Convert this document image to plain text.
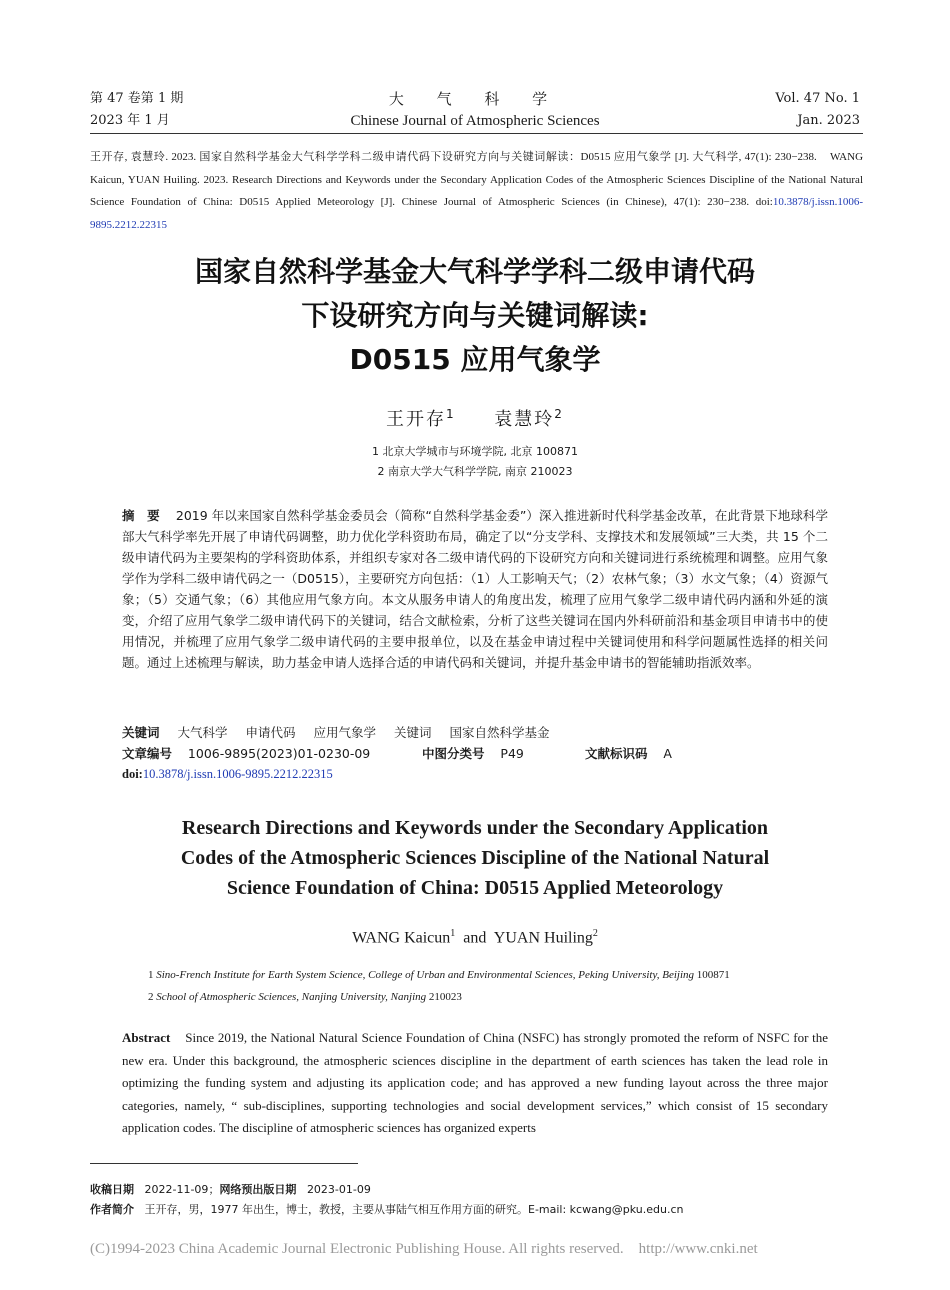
第 47 卷第 1 期
2023 年 1 月
大 气 科 学
Chinese Journal of Atmospheric Sciences
Vol. 47 No. 1
Jan. 2023
王开存, 袁慧玲. 2023. 国家自然科学基金大气科学学科二级申请代码下设研究方向与关键词解读：D0515 应用气象学 [J]. 大气科学, 47(1): 230−238. WANG Kaicun, YUAN Huiling. 2023. Research Directions and Keywords under the Secondary Application Codes of the Atmospheric Sciences Discipline of the National Natural Science Foundation of China: D0515 Applied Meteorology [J]. Chinese Journal of Atmospheric Sciences (in Chinese), 47(1): 230−238. doi:10.3878/j.issn.1006-9895.2212.22315
国家自然科学基金大气科学学科二级申请代码
下设研究方向与关键词解读:
D0515 应用气象学
王开存$^1$ 袁慧玲$^2$
1 北京大学城市与环境学院, 北京 100871
2 南京大学大气科学学院, 南京 210023
摘　要 2019 年以来国家自然科学基金委员会（简称“自然科学基金委”）深入推进新时代科学基金改革，在此背景下地球科学部大气科学率先开展了申请代码调整，助力优化学科资助布局，确定了以“分支学科、支撑技术和发展领域”三大类，共 15 个二级申请代码为主要架构的学科资助体系，并组织专家对各二级申请代码的下设研究方向和关键词进行系统梳理和调整。应用气象学作为学科二级申请代码之一（D0515），主要研究方向包括：（1）人工影响天气；（2）农林气象；（3）水文气象；（4）资源气象；（5）交通气象；（6）其他应用气象方向。本文从服务申请人的角度出发，梳理了应用气象学二级申请代码内涵和外延的演变，介绍了应用气象学二级申请代码下的关键词，结合文献检索，分析了这些关键词在国内外科研前沿和基金项目申请书中的使用情况，并梳理了应用气象学二级申请代码的主要申报单位，以及在基金申请过程中关键词使用和科学问题属性选择的相关问题。通过上述梳理与解读，助力基金申请人选择合适的申请代码和关键词，并提升基金申请书的智能辅助指派效率。
关键词 大气科学 申请代码 应用气象学 关键词 国家自然科学基金
文章编号 1006-9895(2023)01-0230-09	中图分类号 P49	文献标识码 A
doi:10.3878/j.issn.1006-9895.2212.22315
Research Directions and Keywords under the Secondary Application
Codes of the Atmospheric Sciences Discipline of the National Natural
Science Foundation of China: D0515 Applied Meteorology
WANG Kaicun$^1$ and YUAN Huiling$^2$
1 Sino-French Institute for Earth System Science, College of Urban and Environmental Sciences, Peking University, Beijing 100871
2 School of Atmospheric Sciences, Nanjing University, Nanjing 210023
Abstract Since 2019, the National Natural Science Foundation of China (NSFC) has strongly promoted the reform of NSFC for the new era. Under this background, the atmospheric sciences discipline in the department of earth sciences has taken the lead role in optimizing the funding system and adjusting its application code; and has approved a new funding layout across the three major categories, namely, “ sub-disciplines, supporting technologies and social development services,” which consist of 15 secondary application codes. The discipline of atmospheric sciences has organized experts
收稿日期 2022-11-09；网络预出版日期 2023-01-09
作者简介 王开存，男，1977 年出生，博士，教授，主要从事陆气相互作用方面的研究。E-mail: kcwang@pku.edu.cn
(C)1994-2023 China Academic Journal Electronic Publishing House. All rights reserved.    http://www.cnki.net
